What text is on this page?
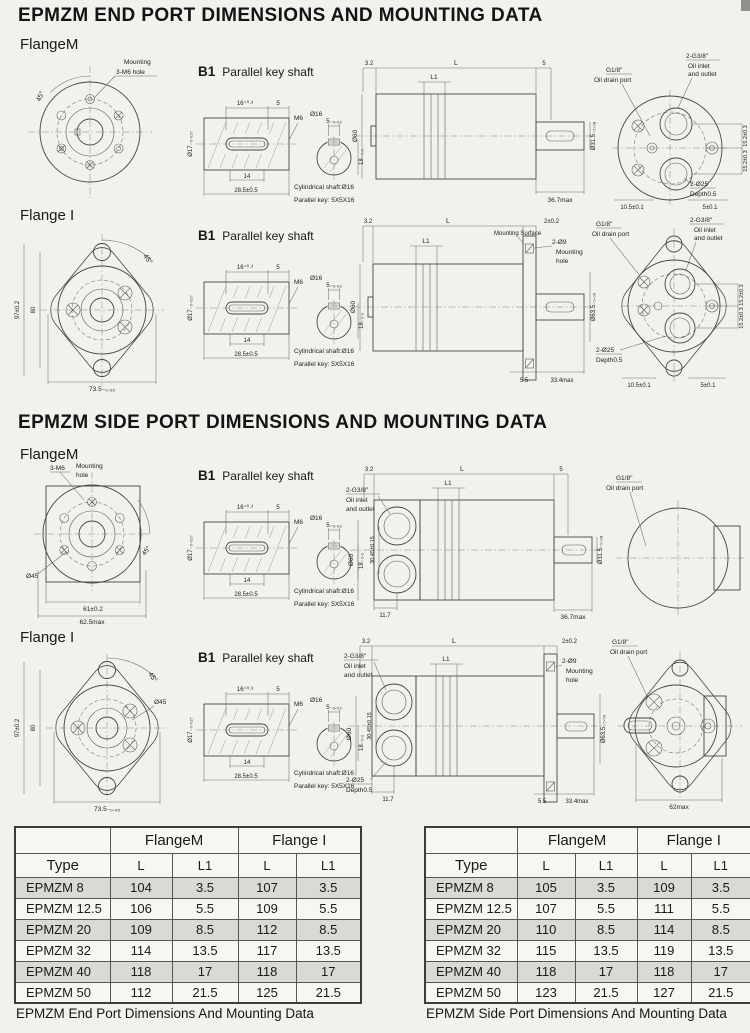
EPMZM END PORT DIMENSIONS AND MOUNTING DATA
FlangeM
45°
Mounting
3-M6 hole	B1 Parallel key shaft
Ø17₋₀.₀₂₇
16⁺⁰·³	5
M6
Ø16
5₋₀.₀₃
18₋₀.₁
14
28.5±0.5	Cylindrical shaft:Ø16
Parallel key: 5X5X16
3.2	L	5
L1
Ø60	Ø31.5₋₀.₀₈
36.7max
2-G3/8"
Oil inlet
and outlet
G1/8"
Oil drain port
15.2±0.3
15.2±0.3
2-Ø25
Depth0.5
10.5±0.1	5±0.1
Flange I
45°
97±0.2 80
73.5₋₀.₀₅
B1 Parallel key shaft
Ø17₋₀.₀₂₇
16⁺⁰·³	5
M6
Ø16
5₋₀.₀₃
18₋₀.₁
14
28.5±0.5	Cylindrical shaft:Ø16
Parallel key: 5X5X16
3.2	L	2±0.2
Mounting Surface
2-Ø9
Mounting
hole
L1
Ø60	Ø63.5₋₀.₀₆
5.5	33.4max
2-G3/8"
Oil inlet
and outlet
G1/8"
Oil drain port
15.2±0.3
15.2±0.3
2-Ø25
Depth0.5
10.5±0.1	5±0.1
EPMZM SIDE PORT DIMENSIONS AND MOUNTING DATA
FlangeM
3-M6 Mounting
hole
Ø45
45°
61±0.2
62.5max
B1 Parallel key shaft
Ø17₋₀.₀₂₇
16⁺⁰·³	5
M6
Ø16
5₋₀.₀₃
18₋₀.₁
14
28.5±0.5	Cylindrical shaft:Ø16
Parallel key: 5X5X16
3.2	L	5
L1
2-G3/8"
Oil inlet
and outlet
Ø60	30.45±0.15
11.7
Ø31.5₋₀.₀₈
36.7max
G1/8"
Oil drain port
Flange I
45°
Ø45
97±0.2 80
73.5₋₀.₀₅
B1 Parallel key shaft
Ø17₋₀.₀₂₇
16⁺⁰·³	5
M6
Ø16
5₋₀.₀₃
18₋₀.₁
14
28.5±0.5	Cylindrical shaft:Ø16
Parallel key: 5X5X16
3.2	L	2±0.2
2-Ø9
Mounting
hole
L1
2-G3/8"
Oil inlet
and outlet
Ø60	30.45±0.15
2-Ø25
Depth0.5
11.7	5.5	33.4max
Ø63.5₋₀.₀₆
G1/8"
Oil drain port
62max
	FlangeM		Flange I	
Type	L	L1	L	L1
EPMZM 8	104	3.5	107	3.5
EPMZM 12.5	106	5.5	109	5.5
EPMZM 20	109	8.5	112	8.5
EPMZM 32	114	13.5	117	13.5
EPMZM 40	118	17	118	17
EPMZM 50	112	21.5	125	21.5
EPMZM End Port Dimensions And Mounting Data
	FlangeM		Flange I	
Type	L	L1	L	L1
EPMZM 8	105	3.5	109	3.5
EPMZM 12.5	107	5.5	111	5.5
EPMZM 20	110	8.5	114	8.5
EPMZM 32	115	13.5	119	13.5
EPMZM 40	118	17	118	17
EPMZM 50	123	21.5	127	21.5
EPMZM Side Port Dimensions And Mounting Data
